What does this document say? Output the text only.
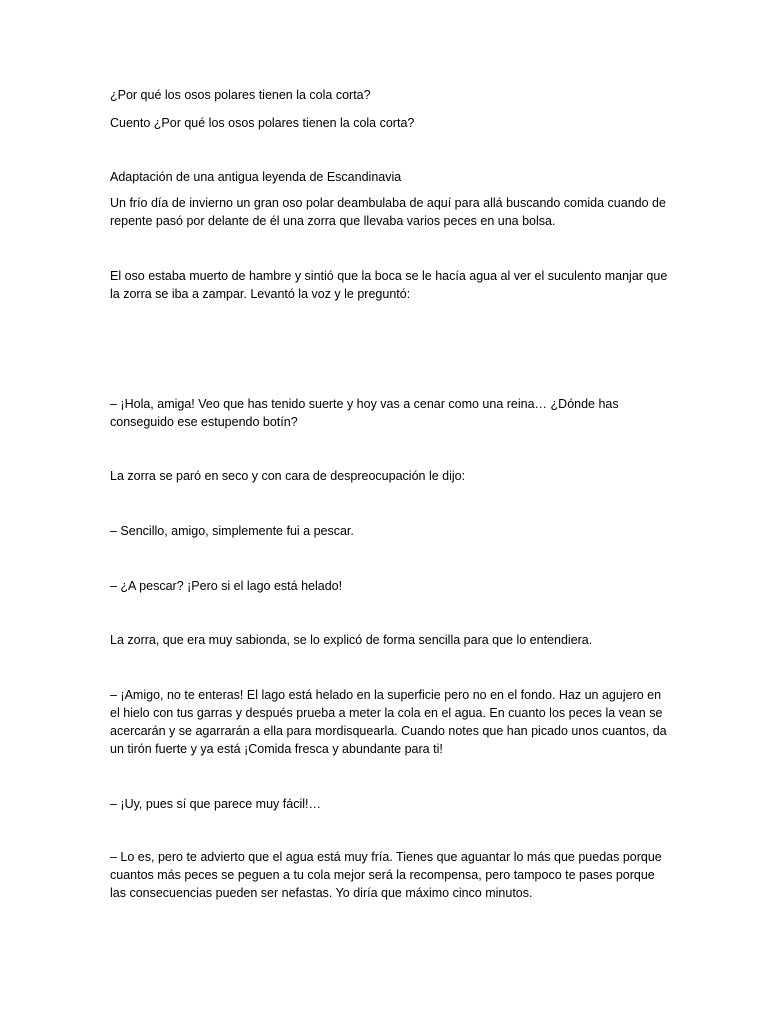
¿Por qué los osos polares tienen la cola corta?

Cuento ¿Por qué los osos polares tienen la cola corta?

Adaptación de una antigua leyenda de Escandinavia

Un frío día de invierno un gran oso polar deambulaba de aquí para allá buscando comida cuando de repente pasó por delante de él una zorra que llevaba varios peces en una bolsa.

El oso estaba muerto de hambre y sintió que la boca se le hacía agua al ver el suculento manjar que la zorra se iba a zampar. Levantó la voz y le preguntó:

– ¡Hola, amiga! Veo que has tenido suerte y hoy vas a cenar como una reina… ¿Dónde has conseguido ese estupendo botín?

La zorra se paró en seco y con cara de despreocupación le dijo:

– Sencillo, amigo, simplemente fui a pescar.

– ¿A pescar? ¡Pero si el lago está helado!

La zorra, que era muy sabionda, se lo explicó de forma sencilla para que lo entendiera.

– ¡Amigo, no te enteras! El lago está helado en la superficie pero no en el fondo. Haz un agujero en el hielo con tus garras y después prueba a meter la cola en el agua. En cuanto los peces la vean se acercarán y se agarrarán a ella para mordisquearla. Cuando notes que han picado unos cuantos, da un tirón fuerte y ya está ¡Comida fresca y abundante para ti!

– ¡Uy, pues sí que parece muy fácil!…

– Lo es, pero te advierto que el agua está muy fría. Tienes que aguantar lo más que puedas porque cuantos más peces se peguen a tu cola mejor será la recompensa, pero tampoco te pases porque las consecuencias pueden ser nefastas. Yo diría que máximo cinco minutos.
